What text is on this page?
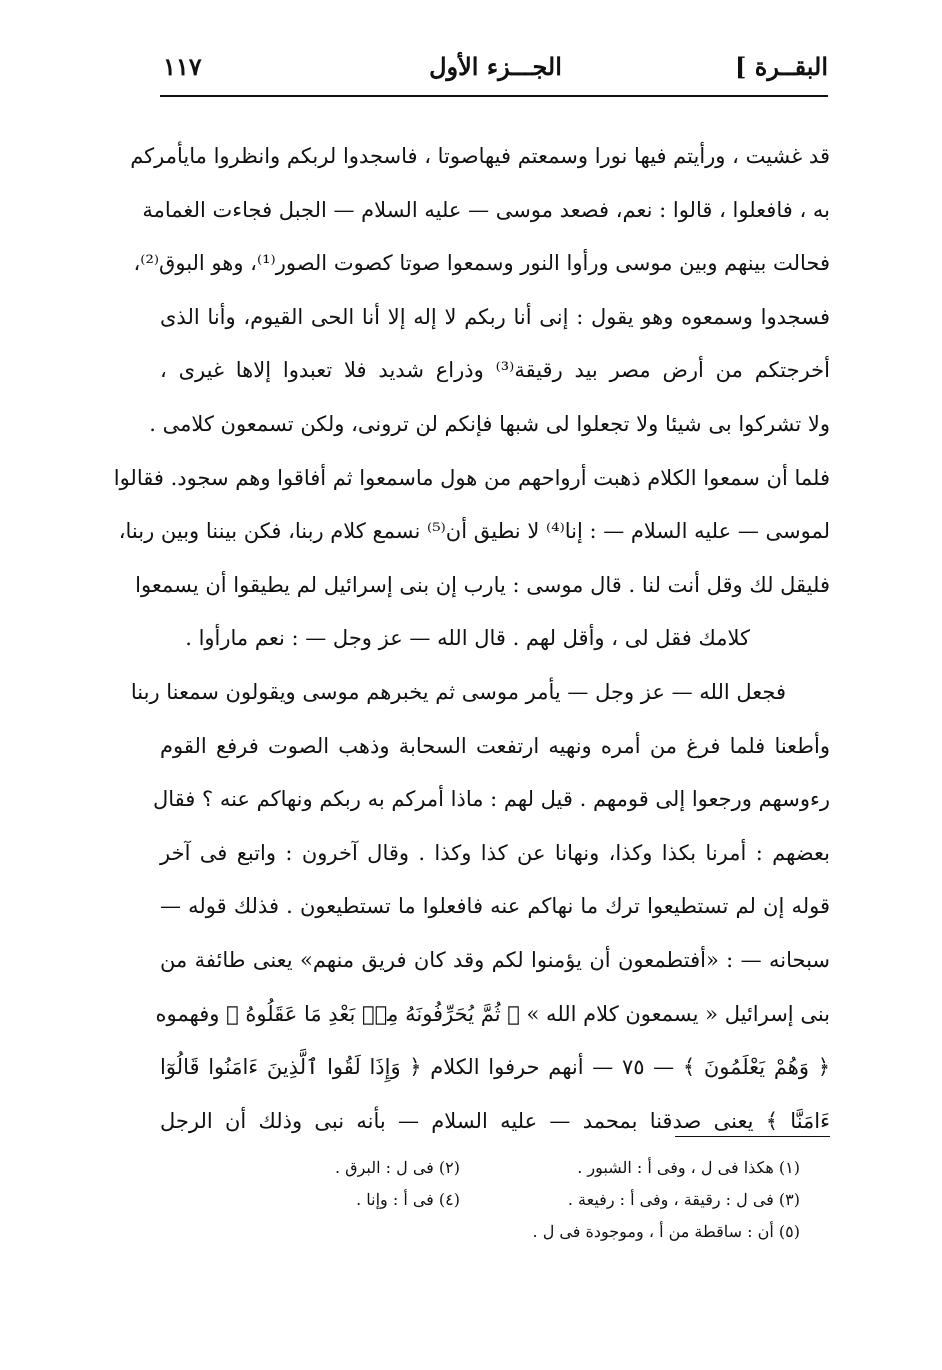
البقــرة ]
الجـــزء الأول
١١٧
قد غشيت ، ورأيتم فيها نورا وسمعتم فيهاصوتا ، فاسجدوا لربكم وانظروا مايأمركم
به ، فافعلوا ، قالوا : نعم، فصعد موسى — عليه السلام — الجبل فجاءت الغمامة
فحالت بينهم وبين موسى ورأوا النور وسمعوا صوتا كصوت الصور⁽¹⁾، وهو البوق⁽²⁾،
فسجدوا وسمعوه وهو يقول : إنى أنا ربكم لا إله إلا أنا الحى القيوم، وأنا الذى
أخرجتكم من أرض مصر بيد رقيقة⁽³⁾ وذراع شديد فلا تعبدوا إلاها غيرى ،
ولا تشركوا بى شيئا ولا تجعلوا لى شبها فإنكم لن ترونى، ولكن تسمعون كلامى .
فلما أن سمعوا الكلام ذهبت أرواحهم من هول ماسمعوا ثم أفاقوا وهم سجود. فقالوا
لموسى — عليه السلام — : إنا⁽⁴⁾ لا نطيق أن⁽⁵⁾ نسمع كلام ربنا، فكن بيننا وبين ربنا،
فليقل لك وقل أنت لنا . قال موسى : يارب إن بنى إسرائيل لم يطيقوا أن يسمعوا
كلامك فقل لى ، وأقل لهم . قال الله — عز وجل — : نعم مارأوا .
فجعل الله — عز وجل — يأمر موسى ثم يخبرهم موسى ويقولون سمعنا ربنا
وأطعنا فلما فرغ من أمره ونهيه ارتفعت السحابة وذهب الصوت فرفع القوم
رءوسهم ورجعوا إلى قومهم . قيل لهم : ماذا أمركم به ربكم ونهاكم عنه ؟ فقال
بعضهم : أمرنا بكذا وكذا، ونهانا عن كذا وكذا . وقال آخرون : واتبع فى آخر
قوله إن لم تستطيعوا ترك ما نهاكم عنه فافعلوا ما تستطيعون . فذلك قوله —
سبحانه — : «أفتطمعون أن يؤمنوا لكم وقد كان فريق منهم» يعنى طائفة من
بنى إسرائيل « يسمعون كلام الله » ﴿ ثُمَّ يُحَرِّفُونَهُ مِنۢ بَعْدِ مَا عَقَلُوهُ ﴾ وفهموه
﴿ وَهُمْ يَعْلَمُونَ ﴾ — ٧٥ — أنهم حرفوا الكلام ﴿ وَإِذَا لَقُوا ٱلَّذِينَ ءَامَنُوا قَالُوٓا
ءَامَنَّا ﴾ يعنى صدقنا بمحمد — عليه السلام — بأنه نبى وذلك أن الرجل
(١) هكذا فى ل ، وفى أ : الشبور .
(٢) فى ل : البرق .
(٣) فى ل : رقيقة ، وفى أ : رفيعة .
(٤) فى أ : وإنا .
(٥) أن : ساقطة من أ ، وموجودة فى ل .
